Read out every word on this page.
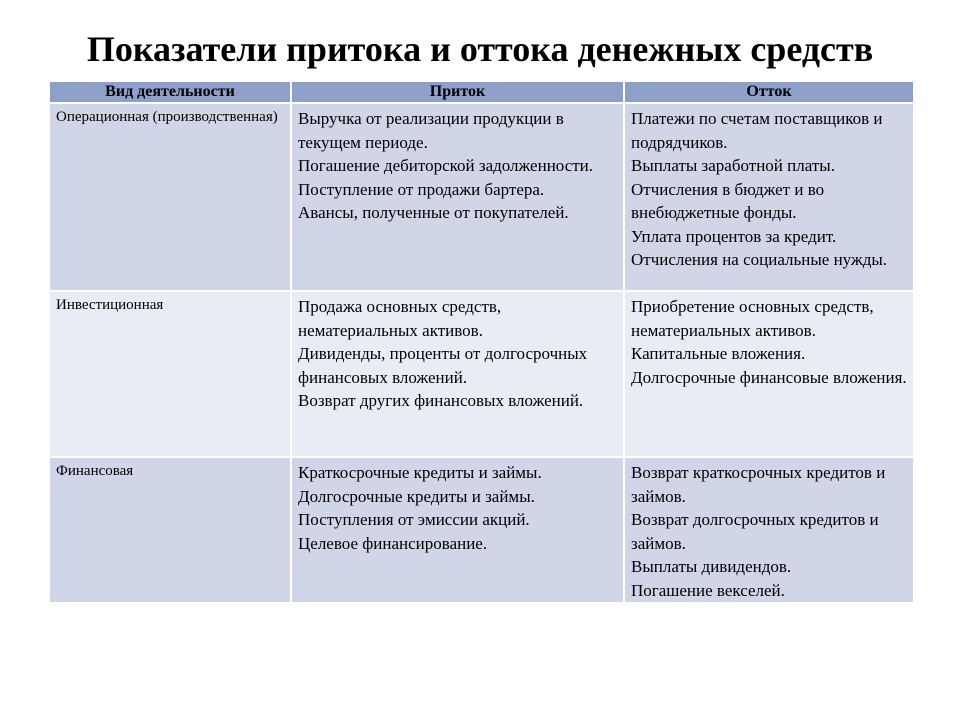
Показатели притока и оттока денежных средств
Вид деятельности	Приток	Отток
Операционная (производственная)	Выручка от реализации продукции в текущем периоде.
Погашение дебиторской задолженности.
Поступление от продажи бартера.
Авансы, полученные от покупателей.	Платежи по счетам поставщиков и подрядчиков.
Выплаты заработной платы.
Отчисления в бюджет и во внебюджетные фонды.
Уплата процентов за кредит.
Отчисления на социальные нужды.

Инвестиционная	Продажа основных средств, нематериальных активов.
Дивиденды, проценты от долгосрочных финансовых вложений.
Возврат других финансовых вложений.	Приобретение основных средств, нематериальных активов.
Капитальные вложения.
Долгосрочные финансовые вложения.

Финансовая	Краткосрочные кредиты и займы.
Долгосрочные кредиты и займы.
Поступления от эмиссии акций.
Целевое финансирование.	Возврат краткосрочных кредитов и займов.
Возврат долгосрочных кредитов и займов.
Выплаты дивидендов.
Погашение векселей.
